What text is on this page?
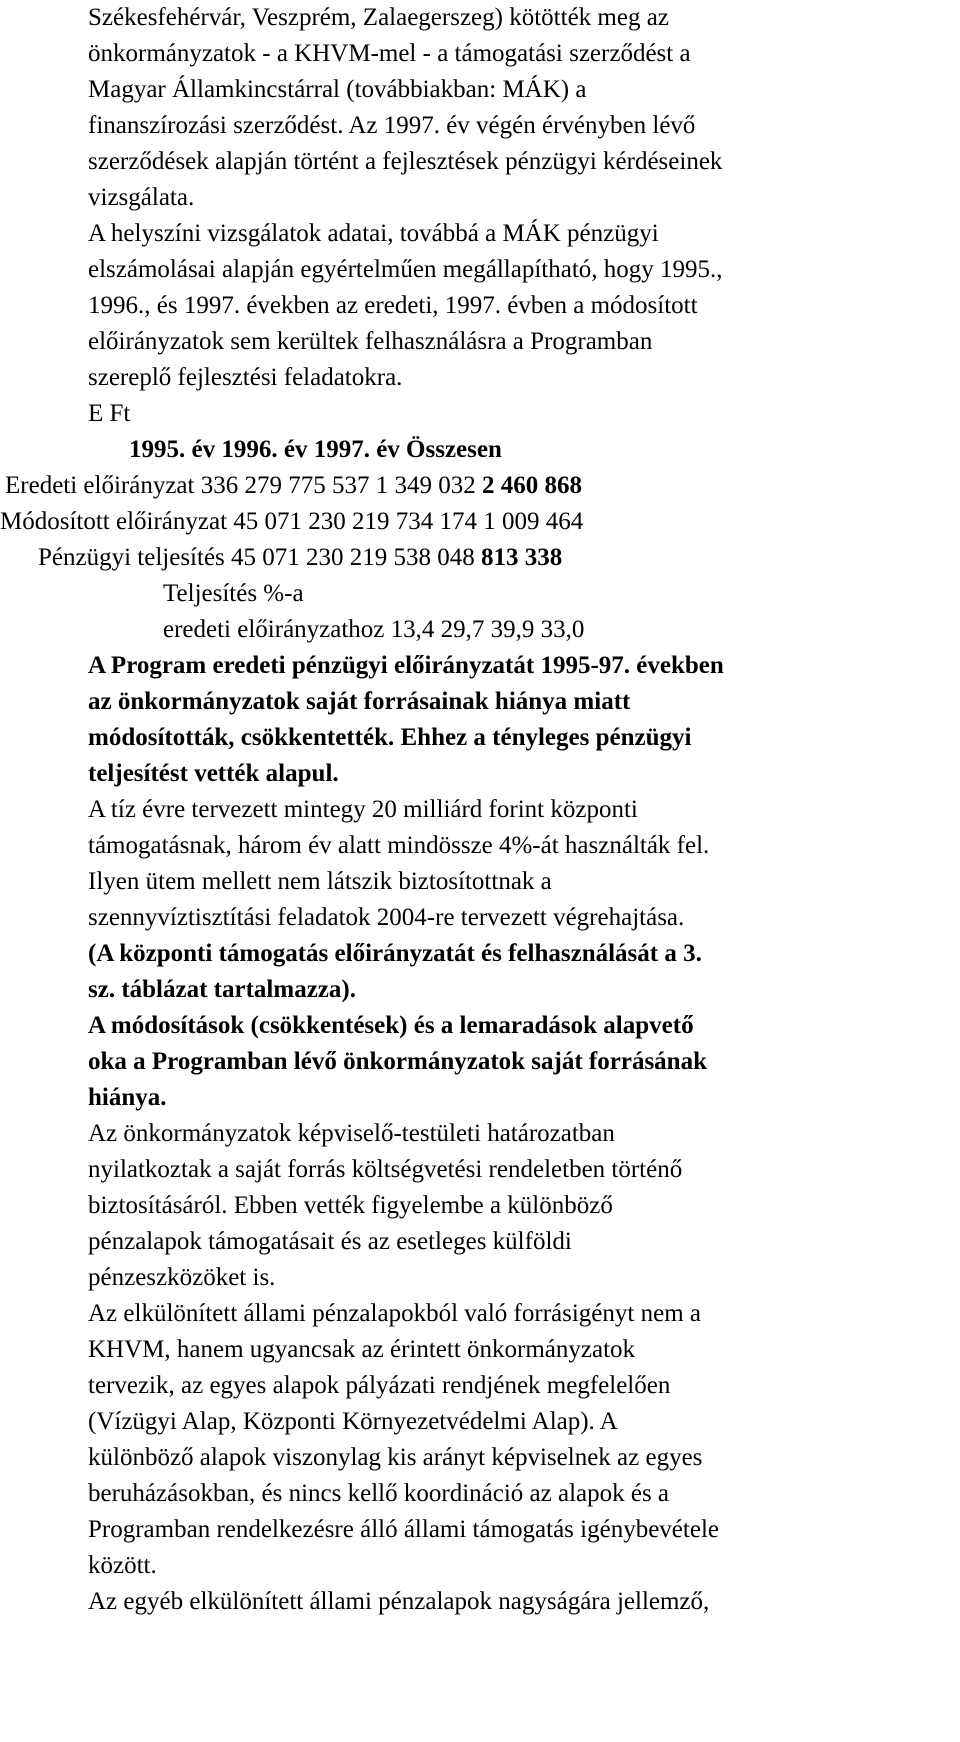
Székesfehérvár, Veszprém, Zalaegerszeg) kötötték meg az
önkormányzatok - a KHVM-mel - a támogatási szerződést a
Magyar Államkincstárral (továbbiakban: MÁK) a
finanszírozási szerződést. Az 1997. év végén érvényben lévő
szerződések alapján történt a fejlesztések pénzügyi kérdéseinek
vizsgálata.
A helyszíni vizsgálatok adatai, továbbá a MÁK pénzügyi
elszámolásai alapján egyértelműen megállapítható, hogy 1995.,
1996., és 1997. években az eredeti, 1997. évben a módosított
előirányzatok sem kerültek felhasználásra a Programban
szereplő fejlesztési feladatokra.
E Ft
1995. év 1996. év 1997. év Összesen
Eredeti előirányzat 336 279 775 537 1 349 032 2 460 868
Módosított előirányzat 45 071 230 219 734 174 1 009 464
Pénzügyi teljesítés 45 071 230 219 538 048 813 338
Teljesítés %-a
eredeti előirányzathoz 13,4 29,7 39,9 33,0
A Program eredeti pénzügyi előirányzatát 1995-97. években
az önkormányzatok saját forrásainak hiánya miatt
módosították, csökkentették. Ehhez a tényleges pénzügyi
teljesítést vették alapul.
A tíz évre tervezett mintegy 20 milliárd forint központi
támogatásnak, három év alatt mindössze 4%-át használták fel.
Ilyen ütem mellett nem látszik biztosítottnak a
szennyvíztisztítási feladatok 2004-re tervezett végrehajtása.
(A központi támogatás előirányzatát és felhasználását a 3.
sz. táblázat tartalmazza).
A módosítások (csökkentések) és a lemaradások alapvető
oka a Programban lévő önkormányzatok saját forrásának
hiánya.
Az önkormányzatok képviselő-testületi határozatban
nyilatkoztak a saját forrás költségvetési rendeletben történő
biztosításáról. Ebben vették figyelembe a különböző
pénzalapok támogatásait és az esetleges külföldi
pénzeszközöket is.
Az elkülönített állami pénzalapokból való forrásigényt nem a
KHVM, hanem ugyancsak az érintett önkormányzatok
tervezik, az egyes alapok pályázati rendjének megfelelően
(Vízügyi Alap, Központi Környezetvédelmi Alap). A
különböző alapok viszonylag kis arányt képviselnek az egyes
beruházásokban, és nincs kellő koordináció az alapok és a
Programban rendelkezésre álló állami támogatás igénybevétele
között.
Az egyéb elkülönített állami pénzalapok nagyságára jellemző,
